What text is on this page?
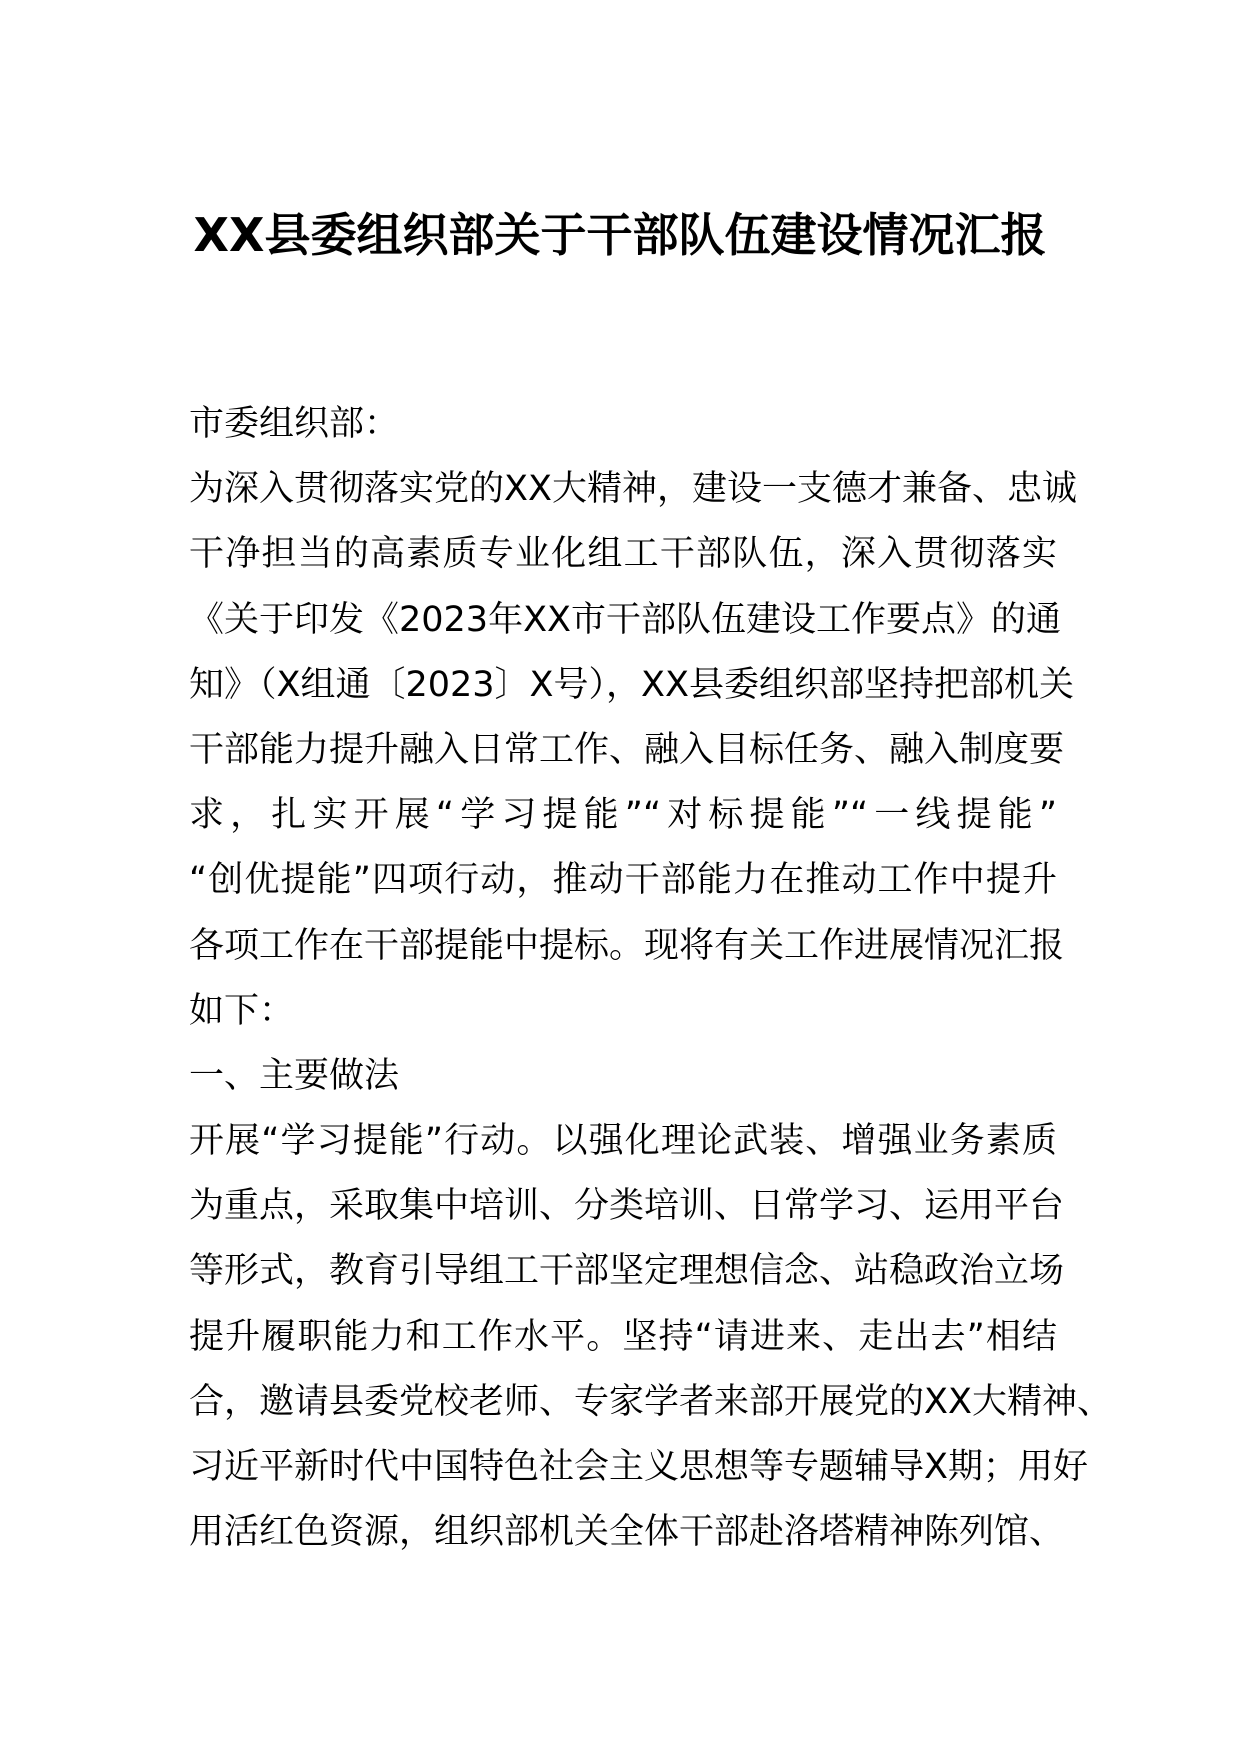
XX县委组织部关于干部队伍建设情况汇报
市委组织部：
为深入贯彻落实党的XX大精神，建设一支德才兼备、忠诚
干净担当的高素质专业化组工干部队伍，深入贯彻落实
《关于印发《2023年XX市干部队伍建设工作要点》的通
知》（X组通〔2023〕X号），XX县委组织部坚持把部机关
干部能力提升融入日常工作、融入目标任务、融入制度要
求，扎实开展“学习提能”“对标提能”“一线提能”
“创优提能”四项行动，推动干部能力在推动工作中提升
各项工作在干部提能中提标。现将有关工作进展情况汇报
如下：
一、主要做法
开展“学习提能”行动。以强化理论武装、增强业务素质
为重点，采取集中培训、分类培训、日常学习、运用平台
等形式，教育引导组工干部坚定理想信念、站稳政治立场
提升履职能力和工作水平。坚持“请进来、走出去”相结
合，邀请县委党校老师、专家学者来部开展党的XX大精神、
习近平新时代中国特色社会主义思想等专题辅导X期；用好
用活红色资源，组织部机关全体干部赴洛塔精神陈列馆、
